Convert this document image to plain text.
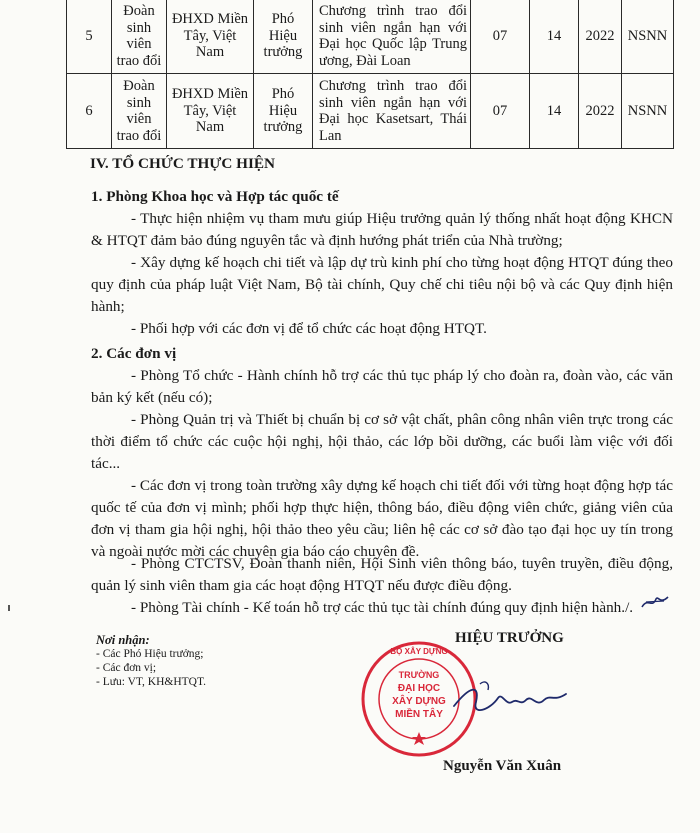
5	Đoàn sinh viên trao đổi	ĐHXD Miền Tây, Việt Nam	Phó Hiệu trưởng	Chương trình trao đổi sinh viên ngắn hạn với Đại học Quốc lập Trung ương, Đài Loan	07	14	2022	NSNN
6	Đoàn sinh viên trao đổi	ĐHXD Miền Tây, Việt Nam	Phó Hiệu trưởng	Chương trình trao đổi sinh viên ngắn hạn với Đại học Kasetsart, Thái Lan	07	14	2022	NSNN
IV. TỔ CHỨC THỰC HIỆN
1. Phòng Khoa học và Hợp tác quốc tế
- Thực hiện nhiệm vụ tham mưu giúp Hiệu trưởng quản lý thống nhất hoạt động KHCN & HTQT đảm bảo đúng nguyên tắc và định hướng phát triển của Nhà trường;
- Xây dựng kế hoạch chi tiết và lập dự trù kinh phí cho từng hoạt động HTQT đúng theo quy định của pháp luật Việt Nam, Bộ tài chính, Quy chế chi tiêu nội bộ và các Quy định hiện hành;
- Phối hợp với các đơn vị để tổ chức các hoạt động HTQT.
2. Các đơn vị
- Phòng Tổ chức - Hành chính hỗ trợ các thủ tục pháp lý cho đoàn ra, đoàn vào, các văn bản ký kết (nếu có);
- Phòng Quản trị và Thiết bị chuẩn bị cơ sở vật chất, phân công nhân viên trực trong các thời điểm tổ chức các cuộc hội nghị, hội thảo, các lớp bồi dưỡng, các buổi làm việc với đối tác...
- Các đơn vị trong toàn trường xây dựng kế hoạch chi tiết đối với từng hoạt động hợp tác quốc tế của đơn vị mình; phối hợp thực hiện, thông báo, điều động viên chức, giảng viên của đơn vị tham gia hội nghị, hội thảo theo yêu cầu; liên hệ các cơ sở đào tạo đại học uy tín trong và ngoài nước mời các chuyên gia báo cáo chuyên đề.
- Phòng CTCTSV, Đoàn thanh niên, Hội Sinh viên thông báo, tuyên truyền, điều động, quản lý sinh viên tham gia các hoạt động HTQT nếu được điều động.
- Phòng Tài chính - Kế toán hỗ trợ các thủ tục tài chính đúng quy định hiện hành./.
Nơi nhận:
- Các Phó Hiệu trưởng;
- Các đơn vị;
- Lưu: VT, KH&HTQT.
HIỆU TRƯỞNG
BỘ XÂY DỰNG
TRƯỜNG
ĐẠI HỌC
XÂY DỰNG
MIỀN TÂY
Nguyễn Văn Xuân
